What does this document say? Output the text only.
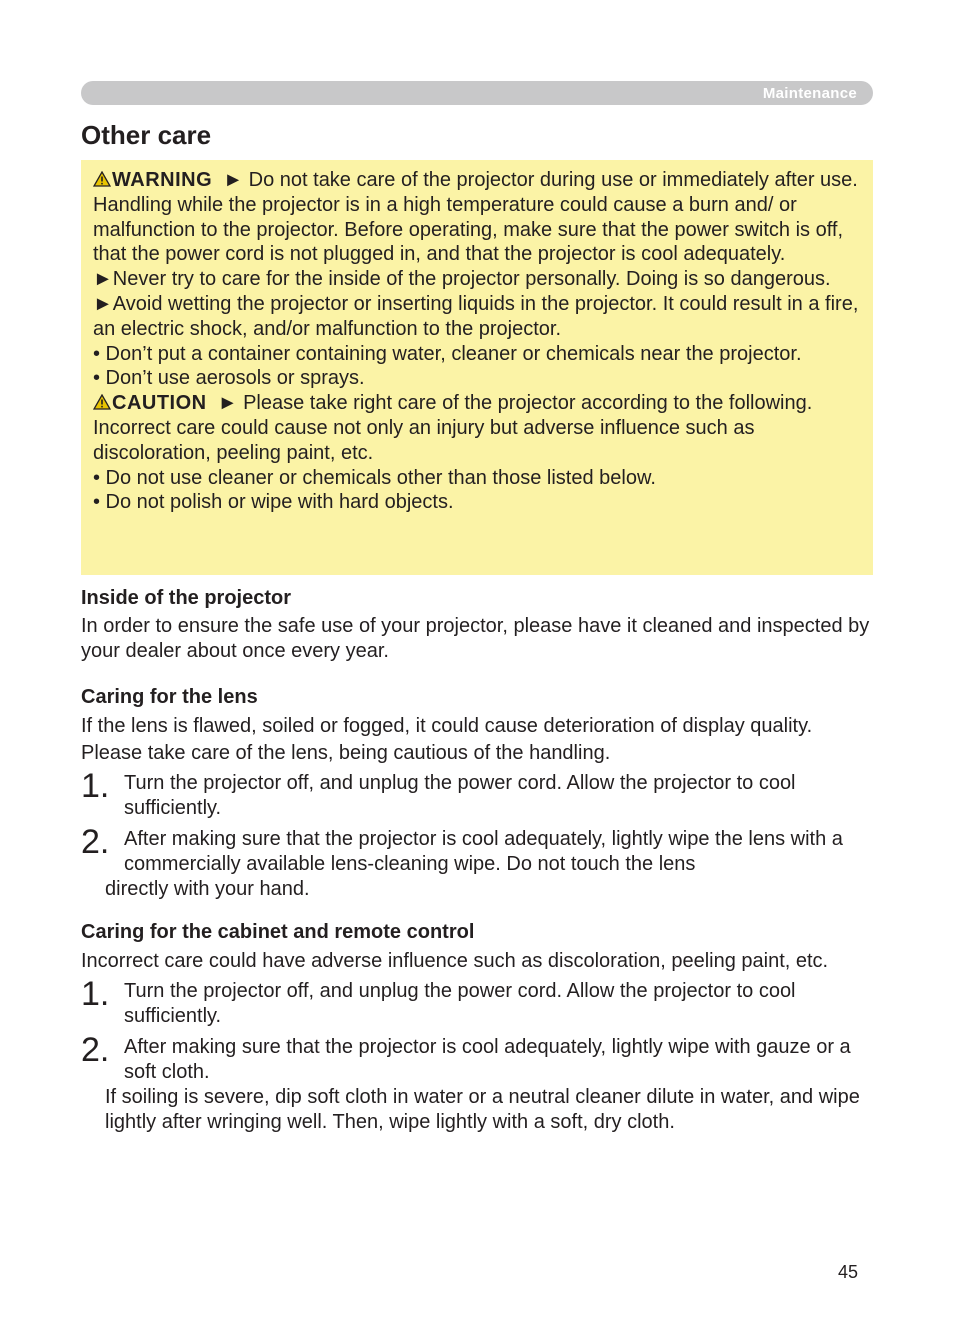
Maintenance
Other care

WARNING ► Do not take care of the projector during use or immediately after use. Handling while the projector is in a high temperature could cause a burn and/ or malfunction to the projector. Before operating, make sure that the power switch is off, that the power cord is not plugged in, and that the projector is cool adequately.

►Never try to care for the inside of the projector personally. Doing is so dangerous.

►Avoid wetting the projector or inserting liquids in the projector. It could result in a fire, an electric shock, and/or malfunction to the projector.

• Don’t put a container containing water, cleaner or chemicals near the projector.

• Don’t use aerosols or sprays.

CAUTION ► Please take right care of the projector according to the following. Incorrect care could cause not only an injury but adverse influence such as discoloration, peeling paint, etc.

• Do not use cleaner or chemicals other than those listed below.

• Do not polish or wipe with hard objects.

Inside of the projector

In order to ensure the safe use of your projector, please have it cleaned and inspected by your dealer about once every year.

Caring for the lens

If the lens is flawed, soiled or fogged, it could cause deterioration of display quality. Please take care of the lens, being cautious of the handling.

1. Turn the projector off, and unplug the power cord. Allow the projector to cool sufficiently.

2. After making sure that the projector is cool adequately, lightly wipe the lens with a commercially available lens-cleaning wipe. Do not touch the lens

directly with your hand.

Caring for the cabinet and remote control

Incorrect care could have adverse influence such as discoloration, peeling paint, etc.

1. Turn the projector off, and unplug the power cord. Allow the projector to cool sufficiently.

2. After making sure that the projector is cool adequately, lightly wipe with gauze or a soft cloth.

If soiling is severe, dip soft cloth in water or a neutral cleaner dilute in water, and wipe lightly after wringing well. Then, wipe lightly with a soft, dry cloth.

45
